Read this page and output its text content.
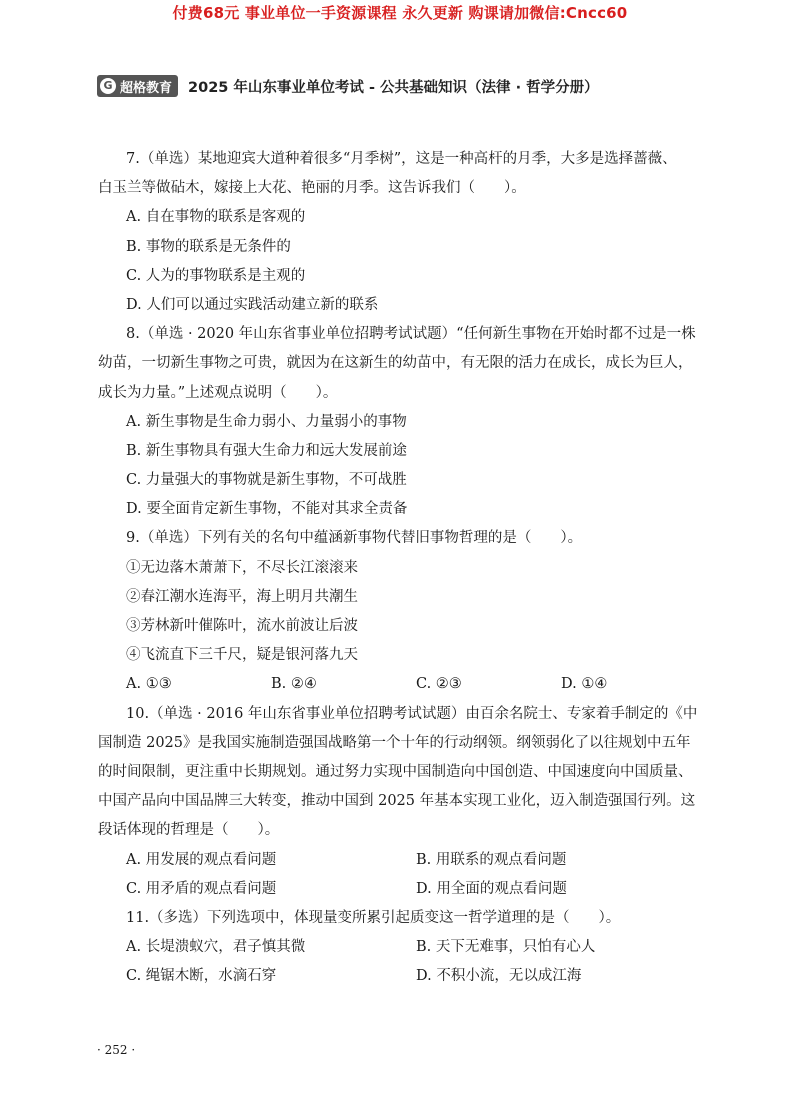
付费68元 事业单位一手资源课程 永久更新 购课请加微信:Cncc60
G 超格教育 2025 年山东事业单位考试 - 公共基础知识（法律 · 哲学分册）
7.（单选）某地迎宾大道种着很多“月季树”，这是一种高杆的月季，大多是选择蔷薇、
白玉兰等做砧木，嫁接上大花、艳丽的月季。这告诉我们（　　）。
A. 自在事物的联系是客观的
B. 事物的联系是无条件的
C. 人为的事物联系是主观的
D. 人们可以通过实践活动建立新的联系
8.（单选 · 2020 年山东省事业单位招聘考试试题）“任何新生事物在开始时都不过是一株
幼苗，一切新生事物之可贵，就因为在这新生的幼苗中，有无限的活力在成长，成长为巨人，
成长为力量。”上述观点说明（　　）。
A. 新生事物是生命力弱小、力量弱小的事物
B. 新生事物具有强大生命力和远大发展前途
C. 力量强大的事物就是新生事物，不可战胜
D. 要全面肯定新生事物，不能对其求全责备
9.（单选）下列有关的名句中蕴涵新事物代替旧事物哲理的是（　　）。
①无边落木萧萧下，不尽长江滚滚来
②春江潮水连海平，海上明月共潮生
③芳林新叶催陈叶，流水前波让后波
④飞流直下三千尺，疑是银河落九天
A. ①③	B. ②④	C. ②③	D. ①④
10.（单选 · 2016 年山东省事业单位招聘考试试题）由百余名院士、专家着手制定的《中
国制造 2025》是我国实施制造强国战略第一个十年的行动纲领。纲领弱化了以往规划中五年
的时间限制，更注重中长期规划。通过努力实现中国制造向中国创造、中国速度向中国质量、
中国产品向中国品牌三大转变，推动中国到 2025 年基本实现工业化，迈入制造强国行列。这
段话体现的哲理是（　　）。
A. 用发展的观点看问题	B. 用联系的观点看问题
C. 用矛盾的观点看问题	D. 用全面的观点看问题
11.（多选）下列选项中，体现量变所累引起质变这一哲学道理的是（　　）。
A. 长堤溃蚁穴，君子慎其微	B. 天下无难事，只怕有心人
C. 绳锯木断，水滴石穿	D. 不积小流，无以成江海
· 252 ·
